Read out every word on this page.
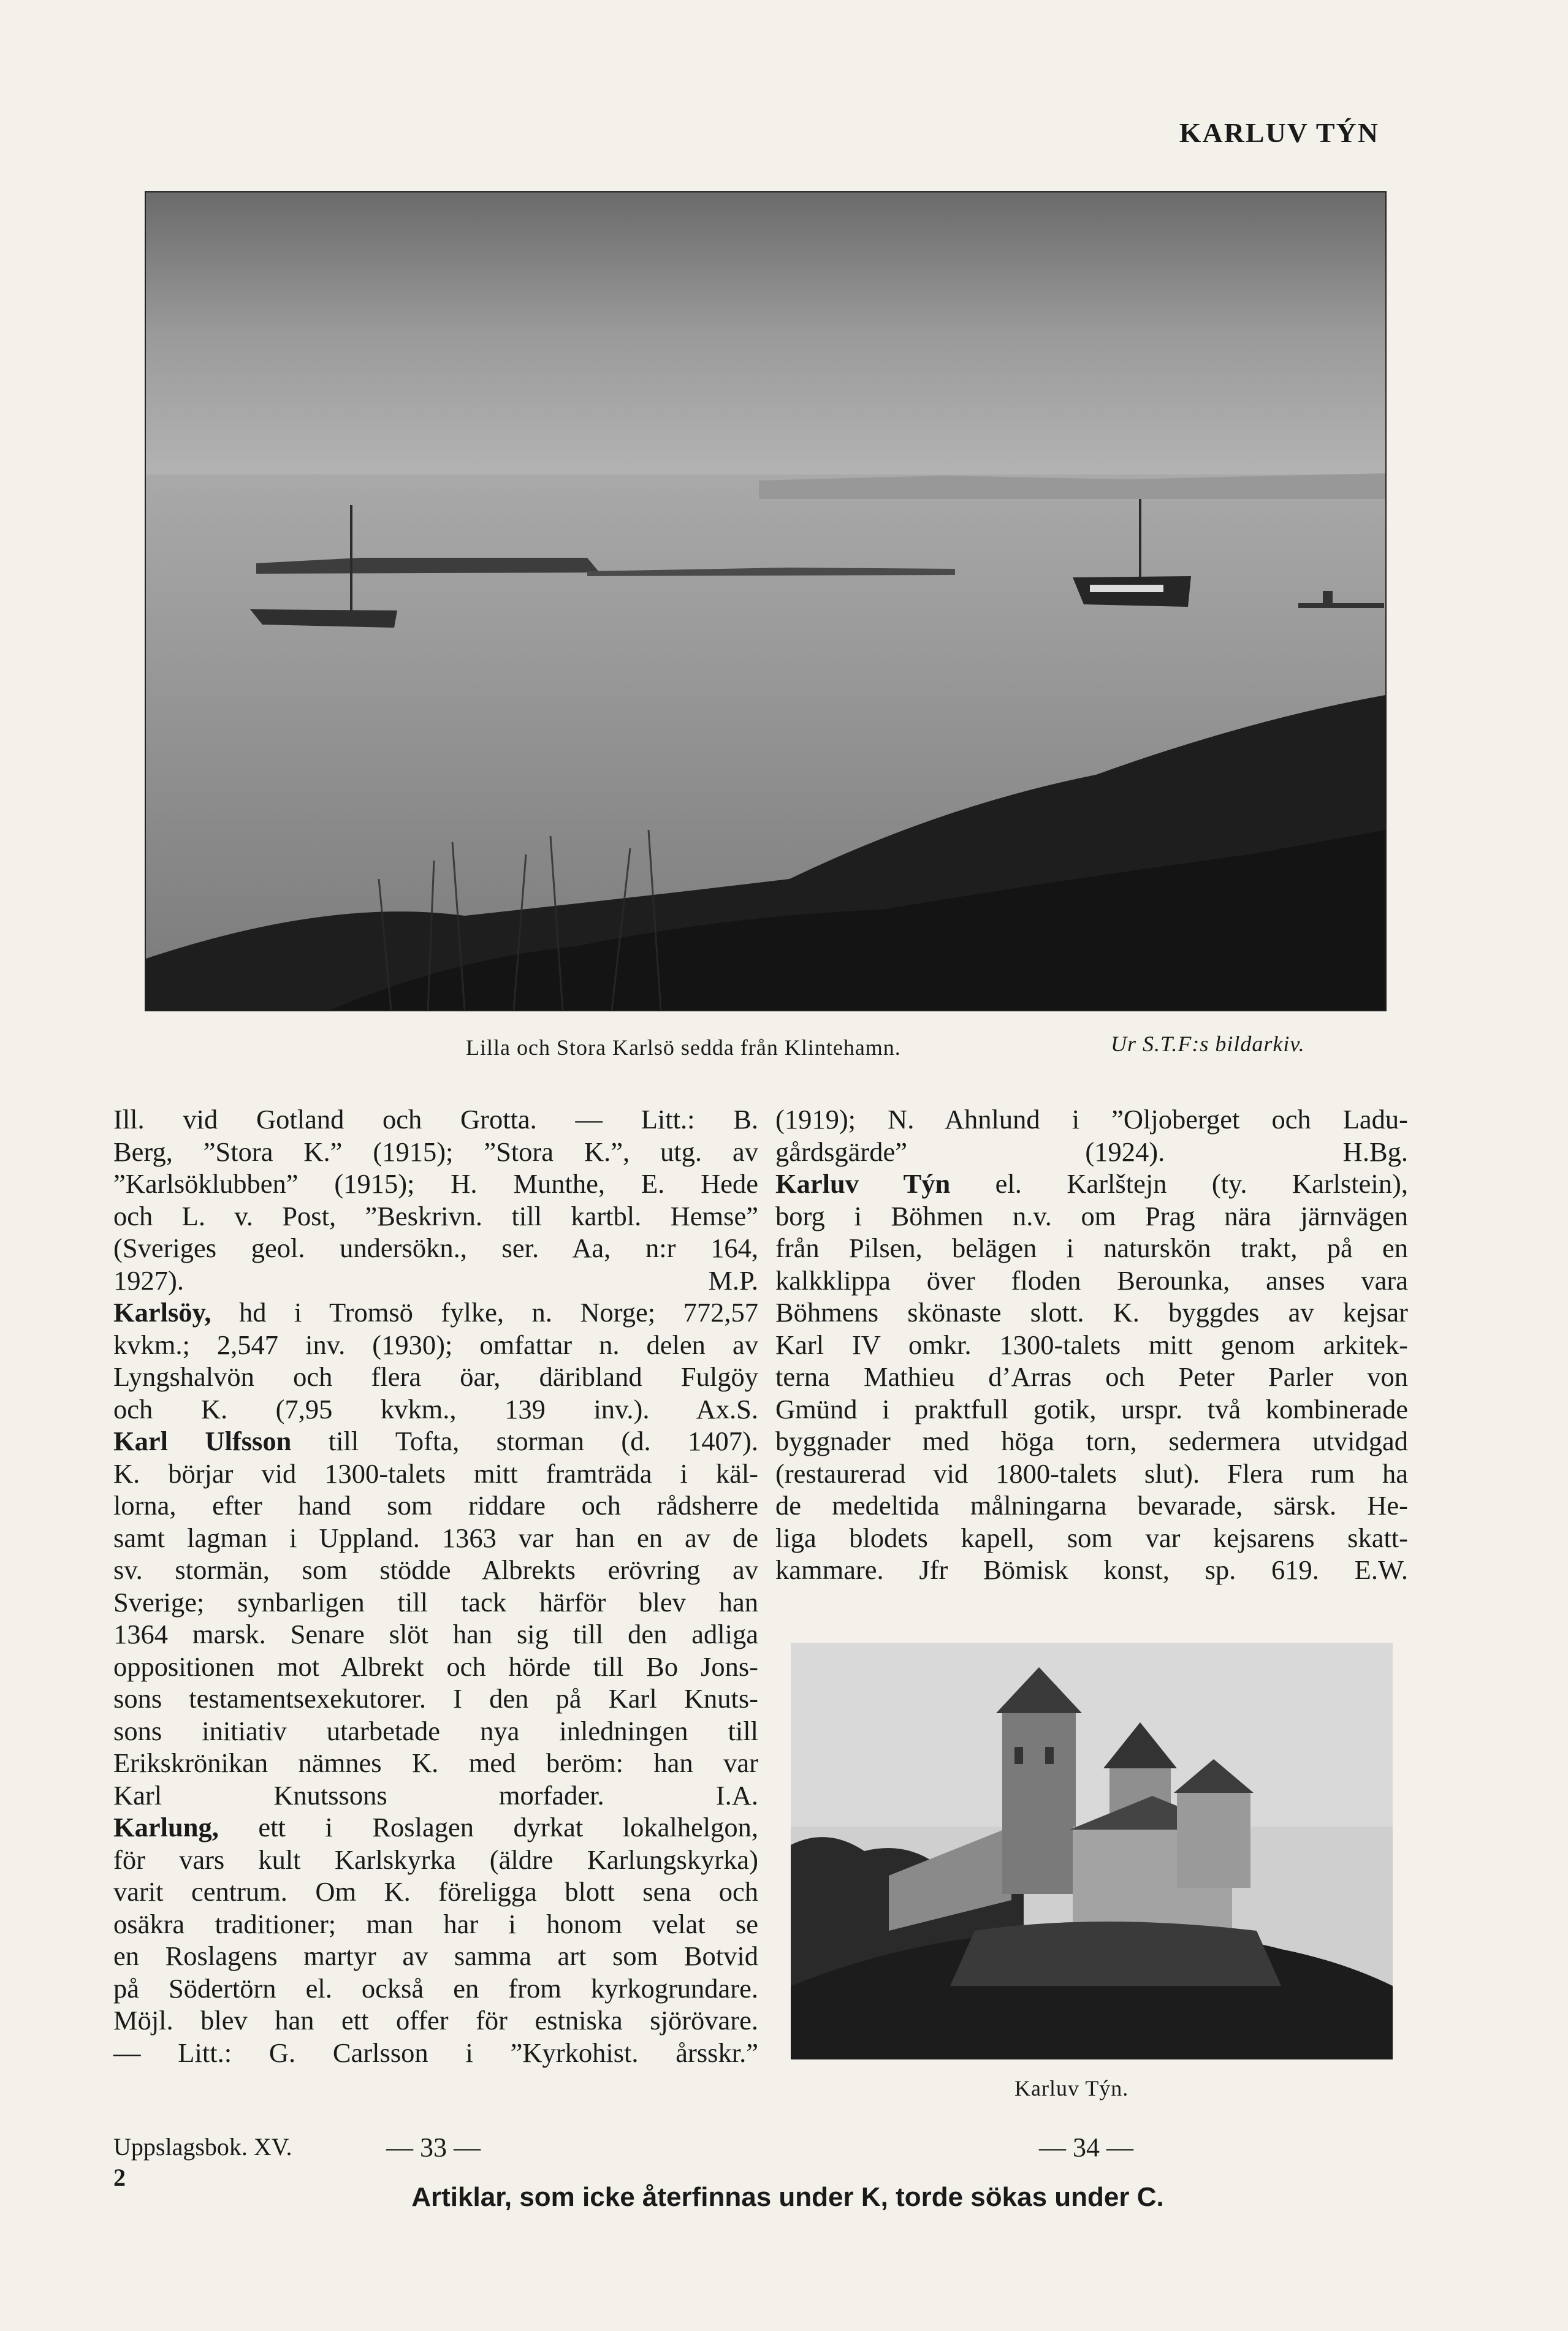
KARLUV TÝN
Lilla och Stora Karlsö sedda från Klintehamn.	Ur S.T.F:s bildarkiv.
Ill. vid Gotland och Grotta. — Litt.: B.
Berg, ”Stora K.” (1915); ”Stora K.”, utg. av
”Karlsöklubben” (1915); H. Munthe, E. Hede
och L. v. Post, ”Beskrivn. till kartbl. Hemse”
(Sveriges geol. undersökn., ser. Aa, n:r 164,
1927). M.P.
Karlsöy, hd i Tromsö fylke, n. Norge; 772,57
kvkm.; 2,547 inv. (1930); omfattar n. delen av
Lyngshalvön och flera öar, däribland Fulgöy
och K. (7,95 kvkm., 139 inv.). Ax.S.
Karl Ulfsson till Tofta, storman (d. 1407).
K. börjar vid 1300-talets mitt framträda i käl-
lorna, efter hand som riddare och rådsherre
samt lagman i Uppland. 1363 var han en av de
sv. stormän, som stödde Albrekts erövring av
Sverige; synbarligen till tack härför blev han
1364 marsk. Senare slöt han sig till den adliga
oppositionen mot Albrekt och hörde till Bo Jons-
sons testamentsexekutorer. I den på Karl Knuts-
sons initiativ utarbetade nya inledningen till
Erikskrönikan nämnes K. med beröm: han var
Karl Knutssons morfader. I.A.
Karlung, ett i Roslagen dyrkat lokalhelgon,
för vars kult Karlskyrka (äldre Karlungskyrka)
varit centrum. Om K. föreligga blott sena och
osäkra traditioner; man har i honom velat se
en Roslagens martyr av samma art som Botvid
på Södertörn el. också en from kyrkogrundare.
Möjl. blev han ett offer för estniska sjörövare.
— Litt.: G. Carlsson i ”Kyrkohist. årsskr.”
(1919); N. Ahnlund i ”Oljoberget och Ladu-
gårdsgärde” (1924). H.Bg.
Karluv Týn el. Karlštejn (ty. Karlstein),
borg i Böhmen n.v. om Prag nära järnvägen
från Pilsen, belägen i naturskön trakt, på en
kalkklippa över floden Berounka, anses vara
Böhmens skönaste slott. K. byggdes av kejsar
Karl IV omkr. 1300-talets mitt genom arkitek-
terna Mathieu d’Arras och Peter Parler von
Gmünd i praktfull gotik, urspr. två kombinerade
byggnader med höga torn, sedermera utvidgad
(restaurerad vid 1800-talets slut). Flera rum ha
de medeltida målningarna bevarade, särsk. He-
liga blodets kapell, som var kejsarens skatt-
kammare. Jfr Bömisk konst, sp. 619. E.W.
Karluv Týn.
Uppslagsbok. XV.
2
— 33 —	— 34 —
Artiklar, som icke återfinnas under K, torde sökas under C.
